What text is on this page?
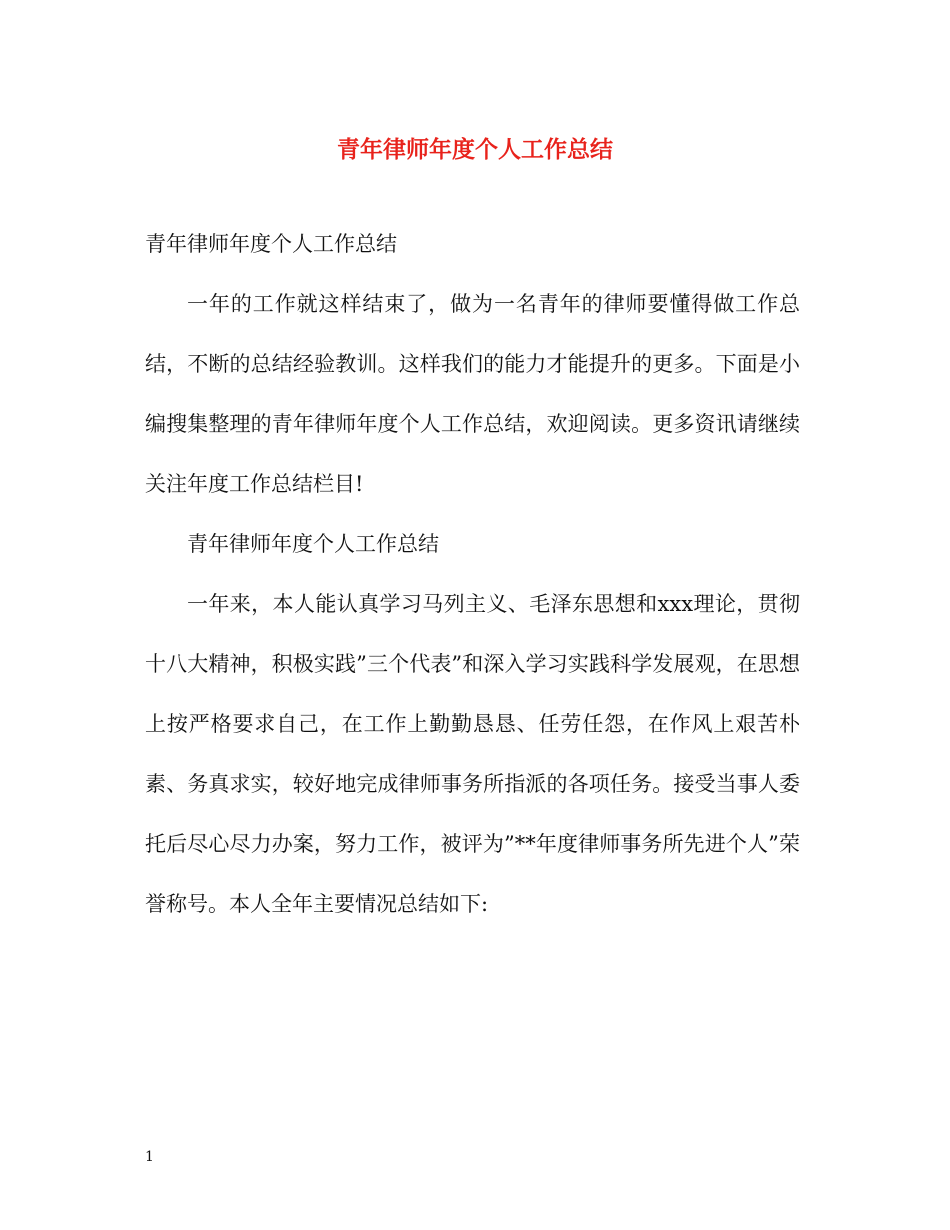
青年律师年度个人工作总结

青年律师年度个人工作总结

一年的工作就这样结束了，做为一名青年的律师要懂得做工作总结，不断的总结经验教训。这样我们的能力才能提升的更多。下面是小编搜集整理的青年律师年度个人工作总结，欢迎阅读。更多资讯请继续关注年度工作总结栏目!

青年律师年度个人工作总结

一年来，本人能认真学习马列主义、毛泽东思想和xxx理论，贯彻十八大精神，积极实践”三个代表”和深入学习实践科学发展观，在思想上按严格要求自己，在工作上勤勤恳恳、任劳任怨，在作风上艰苦朴素、务真求实，较好地完成律师事务所指派的各项任务。接受当事人委托后尽心尽力办案，努力工作，被评为”**年度律师事务所先进个人”荣誉称号。本人全年主要情况总结如下:

1
